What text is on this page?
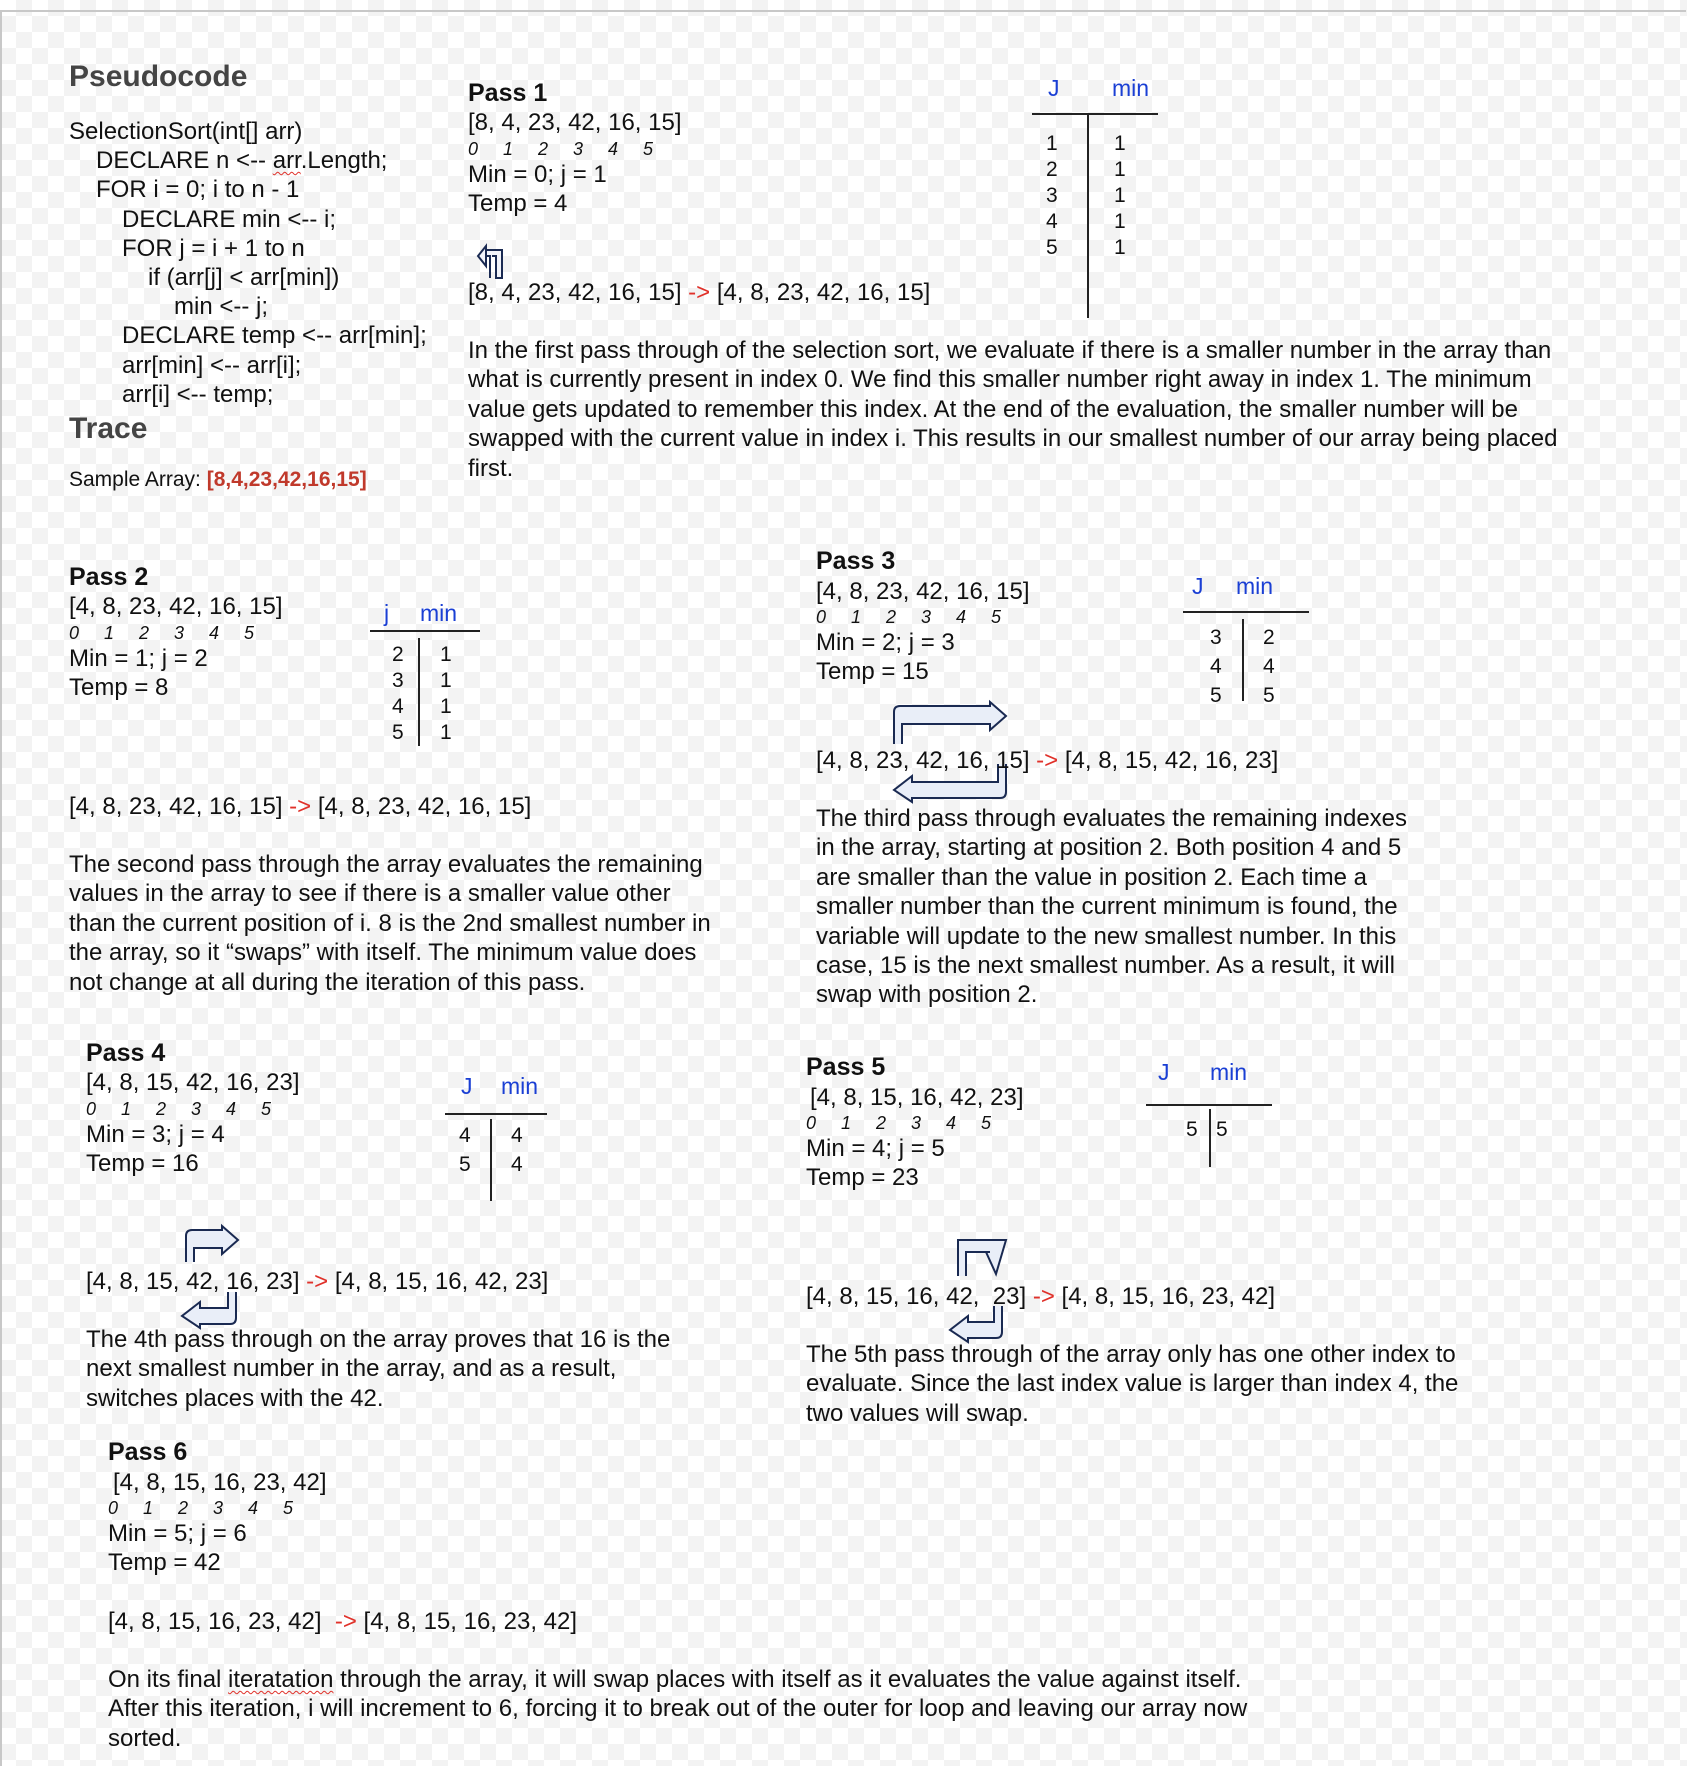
Pseudocode
SelectionSort(int[] arr)
DECLARE n <-- arr.Length;
FOR i = 0; i to n - 1
DECLARE min <-- i;
FOR j = i + 1 to n
if (arr[j] < arr[min])
min <-- j;
DECLARE temp <-- arr[min];
arr[min] <-- arr[i];
arr[i] <-- temp;
Trace
Sample Array: [8,4,23,42,16,15]
Pass 1
[8, 4, 23, 42, 16, 15]
0 1 2 3 4 5
Min = 0; j = 1
Temp = 4
J min
1
2
3
4
5
1
1
1
1
1
[8, 4, 23, 42, 16, 15] -> [4, 8, 23, 42, 16, 15]
In the first pass through of the selection sort, we evaluate if there is a smaller number in the array than what is currently present in index 0. We find this smaller number right away in index 1. The minimum value gets updated to remember this index. At the end of the evaluation, the smaller number will be swapped with the current value in index i. This results in our smallest number of our array being placed first.
Pass 2
[4, 8, 23, 42, 16, 15]
0 1 2 3 4 5
Min = 1; j = 2
Temp = 8
j min
2
3
4
5
1
1
1
1
[4, 8, 23, 42, 16, 15] -> [4, 8, 23, 42, 16, 15]
The second pass through the array evaluates the remaining values in the array to see if there is a smaller value other than the current position of i. 8 is the 2nd smallest number in the array, so it “swaps” with itself. The minimum value does not change at all during the iteration of this pass.
Pass 3
[4, 8, 23, 42, 16, 15]
0 1 2 3 4 5
Min = 2; j = 3
Temp = 15
J min
3
4
5
2
4
5
[4, 8, 23, 42, 16, 15] -> [4, 8, 15, 42, 16, 23]
The third pass through evaluates the remaining indexes in the array, starting at position 2. Both position 4 and 5 are smaller than the value in position 2. Each time a smaller number than the current minimum is found, the variable will update to the new smallest number. In this case, 15 is the next smallest number. As a result, it will swap with position 2.
Pass 4
[4, 8, 15, 42, 16, 23]
0 1 2 3 4 5
Min = 3; j = 4
Temp = 16
J min
4
5
4
4
[4, 8, 15, 42, 16, 23] -> [4, 8, 15, 16, 42, 23]
The 4th pass through on the array proves that 16 is the next smallest number in the array, and as a result, switches places with the 42.
Pass 5
[4, 8, 15, 16, 42, 23]
0 1 2 3 4 5
Min = 4; j = 5
Temp = 23
J min
5 5
[4, 8, 15, 16, 42,  23] -> [4, 8, 15, 16, 23, 42]
The 5th pass through of the array only has one other index to evaluate. Since the last index value is larger than index 4, the two values will swap.
Pass 6
[4, 8, 15, 16, 23, 42]
0 1 2 3 4 5
Min = 5; j = 6
Temp = 42
[4, 8, 15, 16, 23, 42] -> [4, 8, 15, 16, 23, 42]
On its final iteratation through the array, it will swap places with itself as it evaluates the value against itself. After this iteration, i will increment to 6, forcing it to break out of the outer for loop and leaving our array now sorted.
